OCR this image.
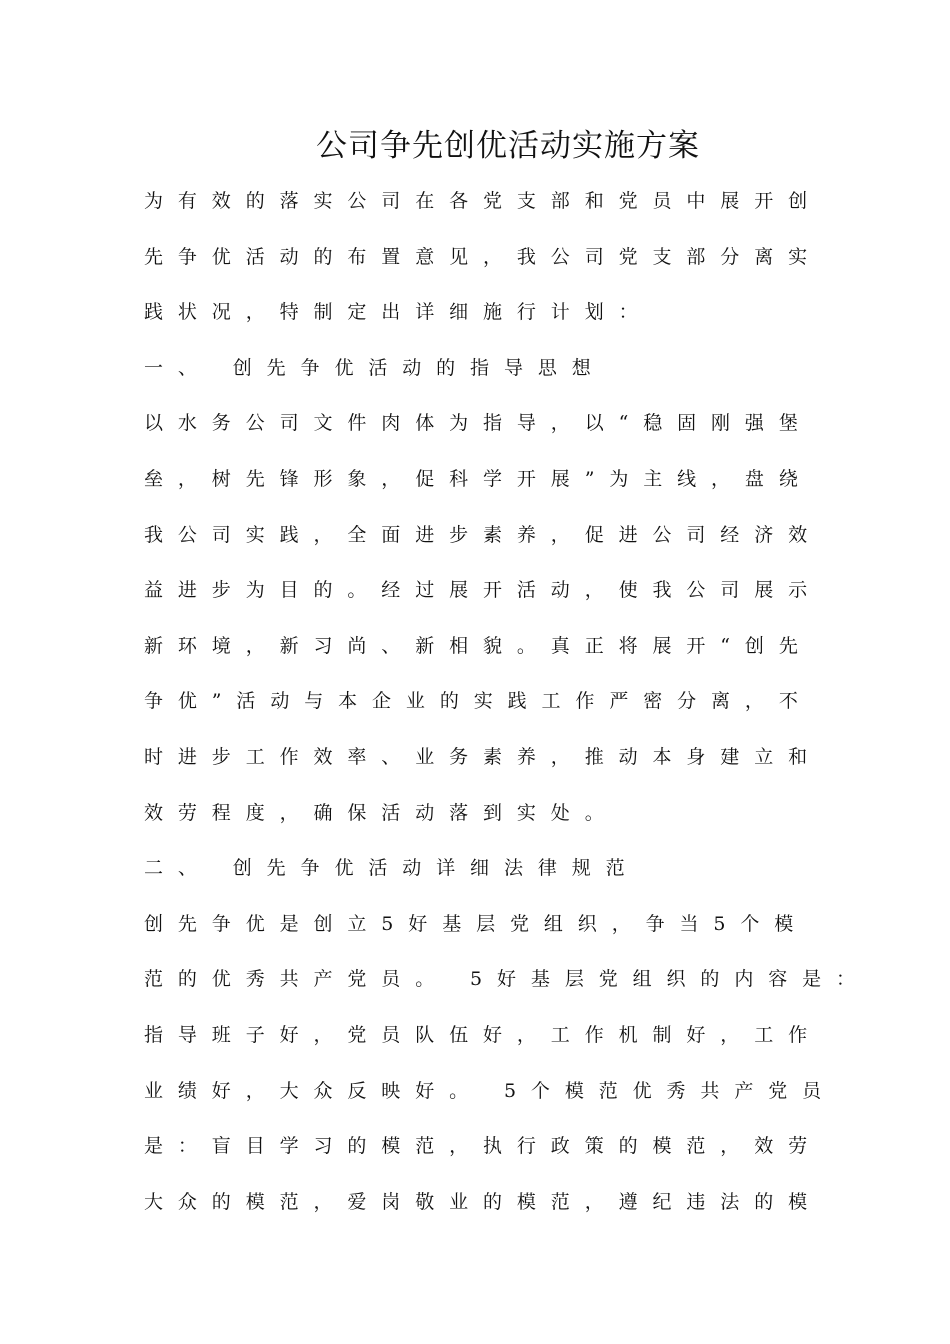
公司争先创优活动实施方案
为有效的落实公司在各党支部和党员中展开创
先争优活动的布置意见，我公司党支部分离实
践状况，特制定出详细施行计划：
一、 创先争优活动的指导思想
以水务公司文件肉体为指导，以“稳固刚强堡
垒，树先锋形象，促科学开展”为主线，盘绕
我公司实践，全面进步素养，促进公司经济效
益进步为目的。经过展开活动，使我公司展示
新环境，新习尚、新相貌。真正将展开“创先
争优”活动与本企业的实践工作严密分离，不
时进步工作效率、业务素养，推动本身建立和
效劳程度，确保活动落到实处。
二、 创先争优活动详细法律规范
创先争优是创立5好基层党组织，争当5个模
范的优秀共产党员。 5好基层党组织的内容是：
指导班子好，党员队伍好，工作机制好，工作
业绩好，大众反映好。 5个模范优秀共产党员
是：盲目学习的模范，执行政策的模范，效劳
大众的模范，爱岗敬业的模范，遵纪违法的模
